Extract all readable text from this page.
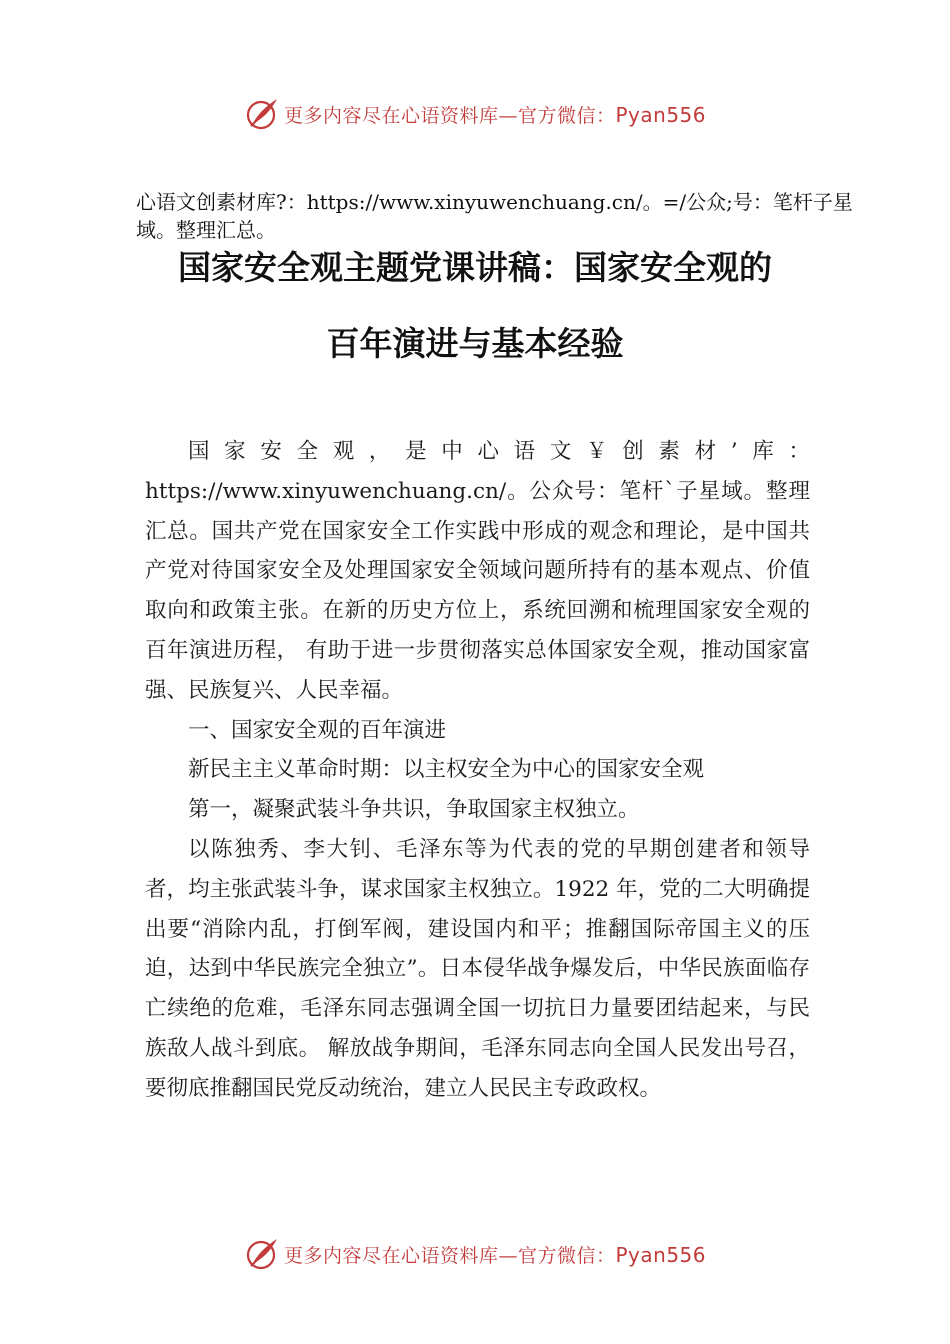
更多内容尽在心语资料库—官方微信：Pyan556
心语文创素材库?：https://www.xinyuwenchuang.cn/。=/公众;号：笔杆子星域。整理汇总。
国家安全观主题党课讲稿：国家安全观的
百年演进与基本经验

国家安全观，是中心语文￥创素材’库：https://www.xinyuwenchuang.cn/。公众号：笔杆`子星域。整理汇总。国共产党在国家安全工作实践中形成的观念和理论，是中国共产党对待国家安全及处理国家安全领域问题所持有的基本观点、价值取向和政策主张。在新的历史方位上，系统回溯和梳理国家安全观的百年演进历程， 有助于进一步贯彻落实总体国家安全观，推动国家富强、民族复兴、人民幸福。

一、国家安全观的百年演进

新民主主义革命时期：以主权安全为中心的国家安全观

第一，凝聚武装斗争共识，争取国家主权独立。

以陈独秀、李大钊、毛泽东等为代表的党的早期创建者和领导者，均主张武装斗争，谋求国家主权独立。1922 年，党的二大明确提出要“消除内乱，打倒军阀，建设国内和平；推翻国际帝国主义的压迫，达到中华民族完全独立”。日本侵华战争爆发后，中华民族面临存亡续绝的危难，毛泽东同志强调全国一切抗日力量要团结起来，与民族敌人战斗到底。 解放战争期间，毛泽东同志向全国人民发出号召，要彻底推翻国民党反动统治，建立人民民主专政政权。

更多内容尽在心语资料库—官方微信：Pyan556
